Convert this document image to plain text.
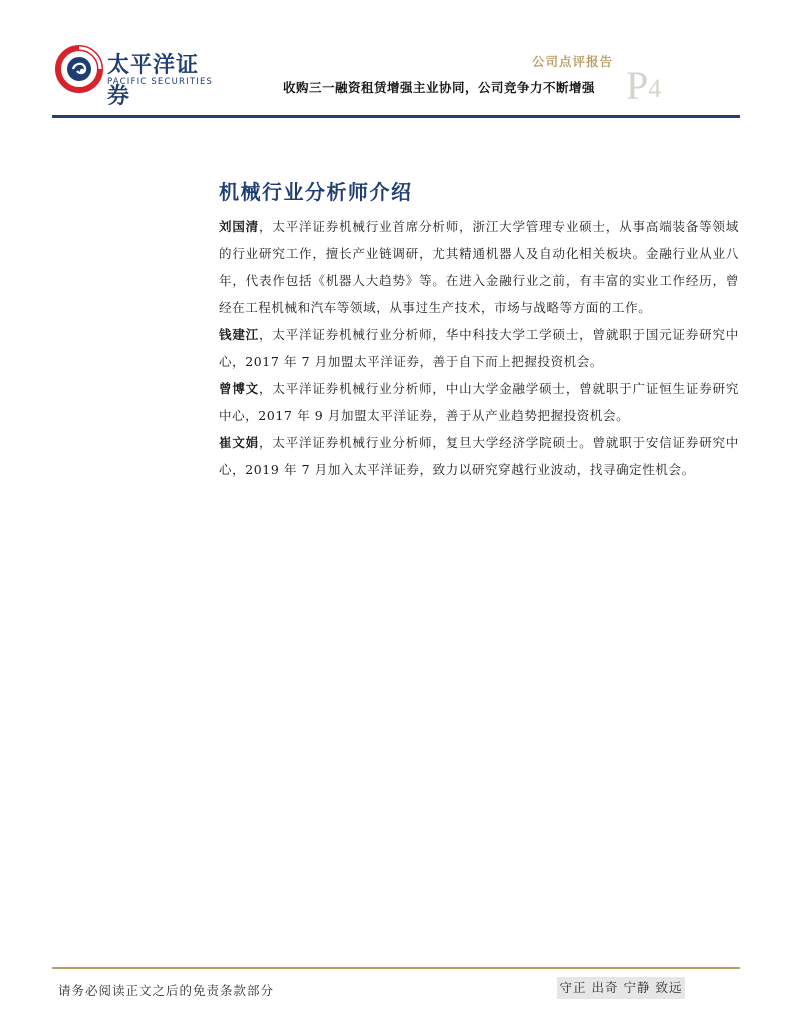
太平洋证券
PACIFIC SECURITIES
公司点评报告
收购三一融资租赁增强主业协同，公司竞争力不断增强 P4
机械行业分析师介绍

刘国清，太平洋证券机械行业首席分析师，浙江大学管理专业硕士，从事高端装备等领域的行业研究工作，擅长产业链调研，尤其精通机器人及自动化相关板块。金融行业从业八年，代表作包括《机器人大趋势》等。在进入金融行业之前，有丰富的实业工作经历，曾经在工程机械和汽车等领域，从事过生产技术，市场与战略等方面的工作。

钱建江，太平洋证券机械行业分析师，华中科技大学工学硕士，曾就职于国元证券研究中心，2017 年 7 月加盟太平洋证券，善于自下而上把握投资机会。

曾博文，太平洋证券机械行业分析师，中山大学金融学硕士，曾就职于广证恒生证券研究中心，2017 年 9 月加盟太平洋证券，善于从产业趋势把握投资机会。

崔文娟，太平洋证券机械行业分析师，复旦大学经济学院硕士。曾就职于安信证券研究中心，2019 年 7 月加入太平洋证券，致力以研究穿越行业波动，找寻确定性机会。

请务必阅读正文之后的免责条款部分	守正 出奇 宁静 致远
